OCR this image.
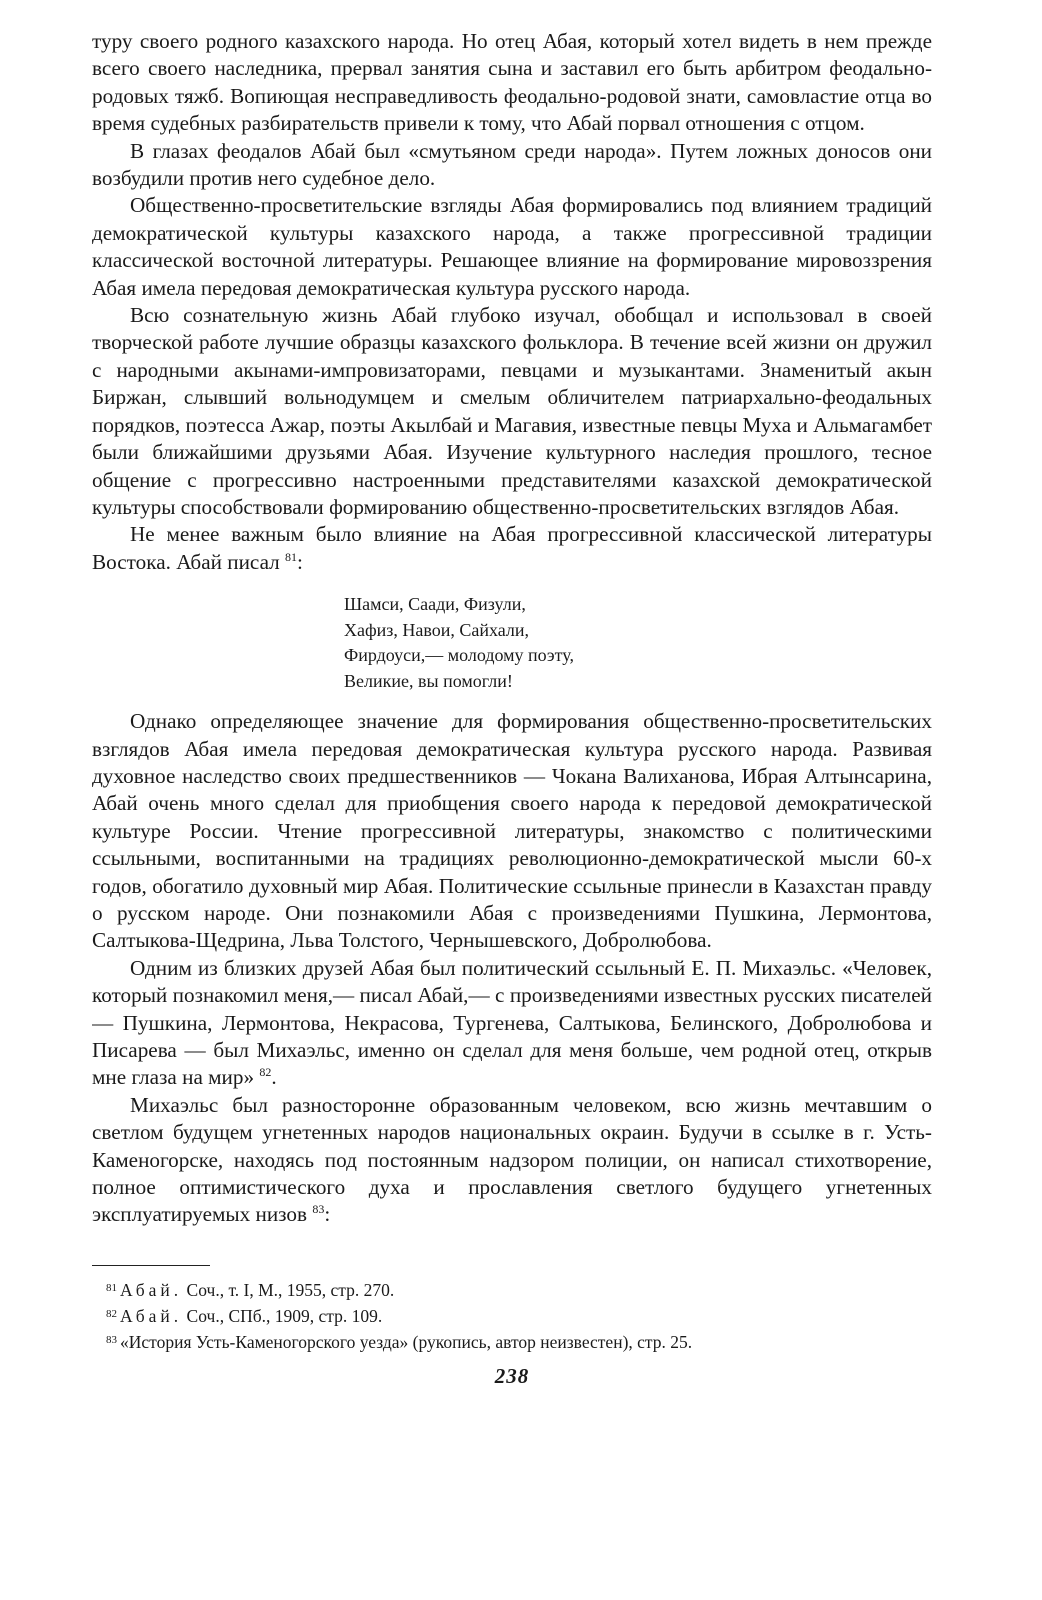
туру своего родного казахского народа. Но отец Абая, который хотел видеть в нем прежде всего своего наследника, прервал занятия сына и заставил его быть арбитром феодально-родовых тяжб. Вопиющая несправедливость феодально-родовой знати, самовластие отца во время судебных разбирательств привели к тому, что Абай порвал отношения с отцом.

В глазах феодалов Абай был «смутьяном среди народа». Путем ложных доносов они возбудили против него судебное дело.

Общественно-просветительские взгляды Абая формировались под влиянием традиций демократической культуры казахского народа, а также прогрессивной традиции классической восточной литературы. Решающее влияние на формирование мировоззрения Абая имела передовая демократическая культура русского народа.

Всю сознательную жизнь Абай глубоко изучал, обобщал и использовал в своей творческой работе лучшие образцы казахского фольклора. В течение всей жизни он дружил с народными акынами-импровизаторами, певцами и музыкантами. Знаменитый акын Биржан, слывший вольнодумцем и смелым обличителем патриархально-феодальных порядков, поэтесса Ажар, поэты Акылбай и Магавия, известные певцы Муха и Альмагамбет были ближайшими друзьями Абая. Изучение культурного наследия прошлого, тесное общение с прогрессивно настроенными представителями казахской демократической культуры способствовали формированию общественно-просветительских взглядов Абая.

Не менее важным было влияние на Абая прогрессивной классической литературы Востока. Абай писал $^{81}$:

Шамси, Саади, Физули,
Хафиз, Навои, Сайхали,
Фирдоуси,— молодому поэту,
Великие, вы помогли!

Однако определяющее значение для формирования общественно-просветительских взглядов Абая имела передовая демократическая культура русского народа. Развивая духовное наследство своих предшественников — Чокана Валиханова, Ибрая Алтынсарина, Абай очень много сделал для приобщения своего народа к передовой демократической культуре России. Чтение прогрессивной литературы, знакомство с политическими ссыльными, воспитанными на традициях революционно-демократической мысли 60-х годов, обогатило духовный мир Абая. Политические ссыльные принесли в Казахстан правду о русском народе. Они познакомили Абая с произведениями Пушкина, Лермонтова, Салтыкова-Щедрина, Льва Толстого, Чернышевского, Добролюбова.

Одним из близких друзей Абая был политический ссыльный Е. П. Михаэльс. «Человек, который познакомил меня,— писал Абай,— с произведениями известных русских писателей — Пушкина, Лермонтова, Некрасова, Тургенева, Салтыкова, Белинского, Добролюбова и Писарева — был Михаэльс, именно он сделал для меня больше, чем родной отец, открыв мне глаза на мир» $^{82}$.

Михаэльс был разносторонне образованным человеком, всю жизнь мечтавшим о светлом будущем угнетенных народов национальных окраин. Будучи в ссылке в г. Усть-Каменогорске, находясь под постоянным надзором полиции, он написал стихотворение, полное оптимистического духа и прославления светлого будущего угнетенных эксплуатируемых низов $^{83}$:

$^{81}$ Абай. Соч., т. I, М., 1955, стр. 270.

$^{82}$ Абай. Соч., СПб., 1909, стр. 109.

$^{83}$ «История Усть-Каменогорского уезда» (рукопись, автор неизвестен), стр. 25.

238
